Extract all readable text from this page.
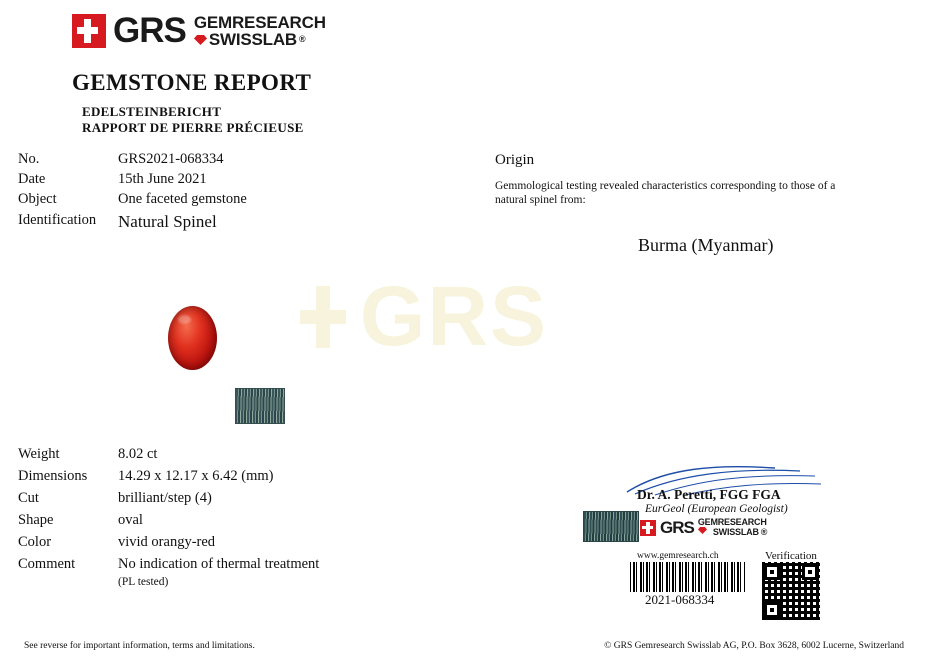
GRS
GRS GEMRESEARCH
SWISSLAB ®
GEMSTONE REPORT
EDELSTEINBERICHT
RAPPORT DE PIERRE PRÉCIEUSE
No.	GRS2021-068334
Date	15th June 2021
Object	One faceted gemstone
Identification	Natural Spinel
Origin
Gemmological testing revealed characteristics corresponding to those of a natural spinel from:
Burma (Myanmar)
Weight	8.02 ct
Dimensions	14.29 x 12.17 x 6.42 (mm)
Cut	brilliant/step (4)
Shape	oval
Color	vivid orangy-red
Comment	No indication of thermal treatment
(PL tested)
Dr. A. Peretti, FGG FGA
EurGeol (European Geologist)
GRS GEMRESEARCH
SWISSLAB ®
www.gemresearch.ch	Verification
2021-068334
See reverse for important information, terms and limitations.	© GRS Gemresearch Swisslab AG, P.O. Box 3628, 6002 Lucerne, Switzerland
